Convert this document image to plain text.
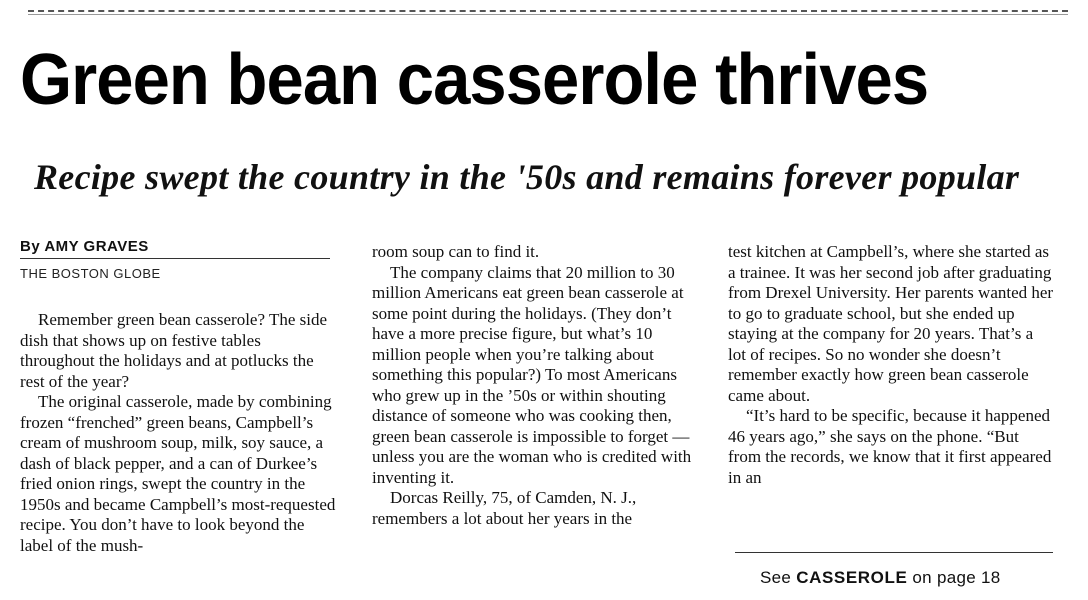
Green bean casserole thrives
Recipe swept the country in the '50s and remains forever popular
By AMY GRAVES
THE BOSTON GLOBE

Remember green bean casserole? The side dish that shows up on festive tables throughout the holidays and at potlucks the rest of the year?

The original casserole, made by combining frozen “frenched” green beans, Campbell’s cream of mushroom soup, milk, soy sauce, a dash of black pepper, and a can of Durkee’s fried onion rings, swept the country in the 1950s and became Campbell’s most-requested recipe. You don’t have to look beyond the label of the mush-

room soup can to find it.

The company claims that 20 million to 30 million Americans eat green bean casserole at some point during the holidays. (They don’t have a more precise figure, but what’s 10 million people when you’re talking about something this popular?) To most Americans who grew up in the ’50s or within shouting distance of someone who was cooking then, green bean casserole is impossible to forget — unless you are the woman who is credited with inventing it.

Dorcas Reilly, 75, of Camden, N. J., remembers a lot about her years in the

test kitchen at Campbell’s, where she started as a trainee. It was her second job after graduating from Drexel University. Her parents wanted her to go to graduate school, but she ended up staying at the company for 20 years. That’s a lot of recipes. So no wonder she doesn’t remember exactly how green bean casserole came about.

“It’s hard to be specific, because it happened 46 years ago,” she says on the phone. “But from the records, we know that it first appeared in an

See CASSEROLE on page 18
